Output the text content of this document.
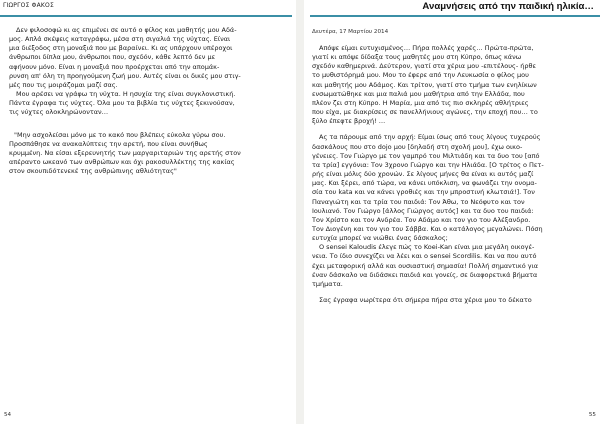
ΓΙΩΡΓΟΣ ΦΑΚΟΣ

Δεν φιλοσοφώ κι ας επιμένει σε αυτό ο φίλος και μαθητής μου Αδά-

μος. Απλά σκέψεις καταγράφω, μέσα στη σιγαλιά της νύχτας. Είναι

μια διέξοδος στη μοναξιά που με βαραίνει. Κι ας υπάρχουν υπέροχοι

άνθρωποι δίπλα μου, άνθρωποι που, σχεδόν, κάθε λεπτό δεν με

αφήνουν μόνο. Είναι η μοναξιά που προέρχεται από την απομάκ-

ρυνση απ' όλη τη προηγούμενη ζωή μου. Αυτές είναι οι δικές μου στιγ-

μές που τις μοιράζομαι μαζί σας.

Μου αρέσει να γράφω τη νύχτα. Η ησυχία της είναι συγκλονιστική.

Πάντα έγραφα τις νύχτες. Όλα μου τα βιβλία τις νύχτες ξεκινούσαν,

τις νύχτες ολοκληρώνονταν…

"Μην ασχολείσαι μόνο με το κακό που βλέπεις εύκολα γύρω σου.

Προσπάθησε να ανακαλύπτεις την αρετή, που είναι συνήθως

κρυμμένη. Να είσαι εξερευνητής των μαργαριταριών της αρετής στον

απέραντο ωκεανό των ανθρώπων και όχι ρακοσυλλέκτης της κακίας

στον σκουπιδότενεκέ της ανθρώπινης αθλιότητας"

54
Αναμνήσεις από την παιδική ηλικία…
Δευτέρα, 17 Μαρτίου 2014

Απόψε είμαι ευτυχισμένος… Πήρα πολλές χαρές… Πρώτα-πρώτα,

γιατί κι απόψε δίδαξα τους μαθητές μου στη Κύπρο, όπως κάνω

σχεδόν καθημερινά. Δεύτερον, γιατί στα χέρια μου -επιτέλους- ήρθε

το μυθιστόρημά μου. Μου το έφερε από την Λευκωσία ο φίλος μου

και μαθητής μου Αδάμος. Και τρίτον, γιατί στο τμήμα των ενηλίκων

ενσωματώθηκε και μια παλιά μου μαθήτρια από την Ελλάδα, που

πλέον ζει στη Κύπρο. Η Μαρία, μια από τις πιο σκληρές αθλήτριες

που είχα, με διακρίσεις σε πανελλήνιους αγώνες, την εποχή που… το

ξύλο έπεφτε βροχή! …

Ας τα πάρουμε από την αρχή: Είμαι ίσως από τους λίγους τυχερούς

δασκάλους που στο dojo μου [δηλαδή στη σχολή μου], έχω οικο-

γένειες. Τον Γιώργο με τον γαμπρό του Μιλτιάδη και τα δυο του [από

τα τρία] εγγόνια: Τον 3χρονο Γιώργο και την Ηλιάδα. [Ο τρίτος ο Πετ-

ρής είναι μόλις δύο χρονών. Σε λίγους μήνες θα είναι κι αυτός μαζί

μας. Και ξέρει, από τώρα, να κάνει υπόκλιση, να φωνάζει την ονομα-

σία του kata και να κάνει γροθιές και την μπροστινή κλωτσιά!]. Τον

Παναγιώτη και τα τρία του παιδιά: Τον Άθω, το Νεόφυτο και τον

Ιουλιανό. Τον Γιώργο [άλλος Γιώργος αυτός] και τα δυο του παιδιά:

Τον Χρίστο και τον Ανδρέα. Τον Αδάμο και τον γιο του Αλέξανδρο.

Τον Διογένη και τον γιο του Σάββα. Και ο κατάλογος μεγαλώνει. Πόση

ευτυχία μπορεί να νιώθει ένας δάσκαλος;

Ο sensei Kaloudis έλεγε πώς το Koei-Kan είναι μια μεγάλη οικογέ-

νεια. Το ίδιο συνεχίζει να λέει και ο sensei Scordilis. Και να που αυτό

έχει μεταφορική αλλά και ουσιαστική σημασία! Πολλή σημαντικό για

έναν δάσκαλο να διδάσκει παιδιά και γονείς, σε διαφορετικά βήματα

τμήματα.

Σας έγραφα νωρίτερα ότι σήμερα πήρα στα χέρια μου το δέκατο

55
